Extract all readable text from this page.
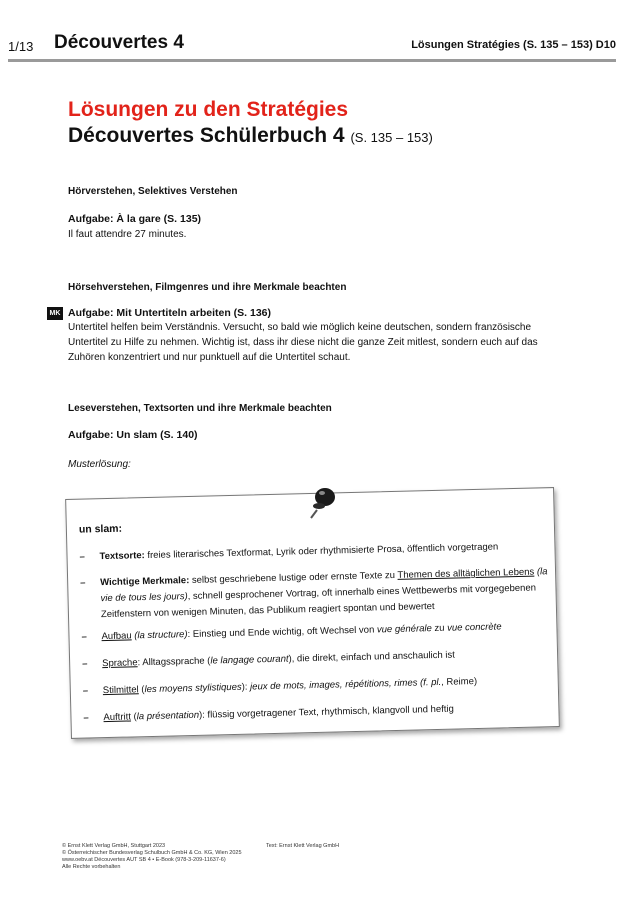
1/13 Découvertes 4	Lösungen Stratégies (S. 135 – 153) D10
Lösungen zu den Stratégies
Découvertes Schülerbuch 4 (S. 135 – 153)
Hörverstehen, Selektives Verstehen
Aufgabe: À la gare (S. 135)
Il faut attendre 27 minutes.
Hörsehverstehen, Filmgenres und ihre Merkmale beachten
MK Aufgabe: Mit Untertiteln arbeiten (S. 136)
Untertitel helfen beim Verständnis. Versucht, so bald wie möglich keine deutschen, sondern französische Untertitel zu Hilfe zu nehmen. Wichtig ist, dass ihr diese nicht die ganze Zeit mitlest, sondern euch auf das Zuhören konzentriert und nur punktuell auf die Untertitel schaut.
Leseverstehen, Textsorten und ihre Merkmale beachten
Aufgabe: Un slam (S. 140)
Musterlösung:
un slam:
– Textsorte: freies literarisches Textformat, Lyrik oder rhythmisierte Prosa, öffentlich vorgetragen
– Wichtige Merkmale: selbst geschriebene lustige oder ernste Texte zu Themen des alltäglichen Lebens (la vie de tous les jours), schnell gesprochener Vortrag, oft innerhalb eines Wettbewerbs mit vorgegebenen Zeitfenstern von wenigen Minuten, das Publikum reagiert spontan und bewertet
– Aufbau (la structure): Einstieg und Ende wichtig, oft Wechsel von vue générale zu vue concrète
– Sprache: Alltagssprache (le langage courant), die direkt, einfach und anschaulich ist
– Stilmittel (les moyens stylistiques): jeux de mots, images, répétitions, rimes (f. pl., Reime)
– Auftritt (la présentation): flüssig vorgetragener Text, rhythmisch, klangvoll und heftig
© Ernst Klett Verlag GmbH, Stuttgart 2023
© Österreichischer Bundesverlag Schulbuch GmbH & Co. KG, Wien 2025
www.oebv.at Découvertes AUT SB 4 • E-Book (978-3-209-11637-6)
Alle Rechte vorbehalten
Text: Ernst Klett Verlag GmbH
